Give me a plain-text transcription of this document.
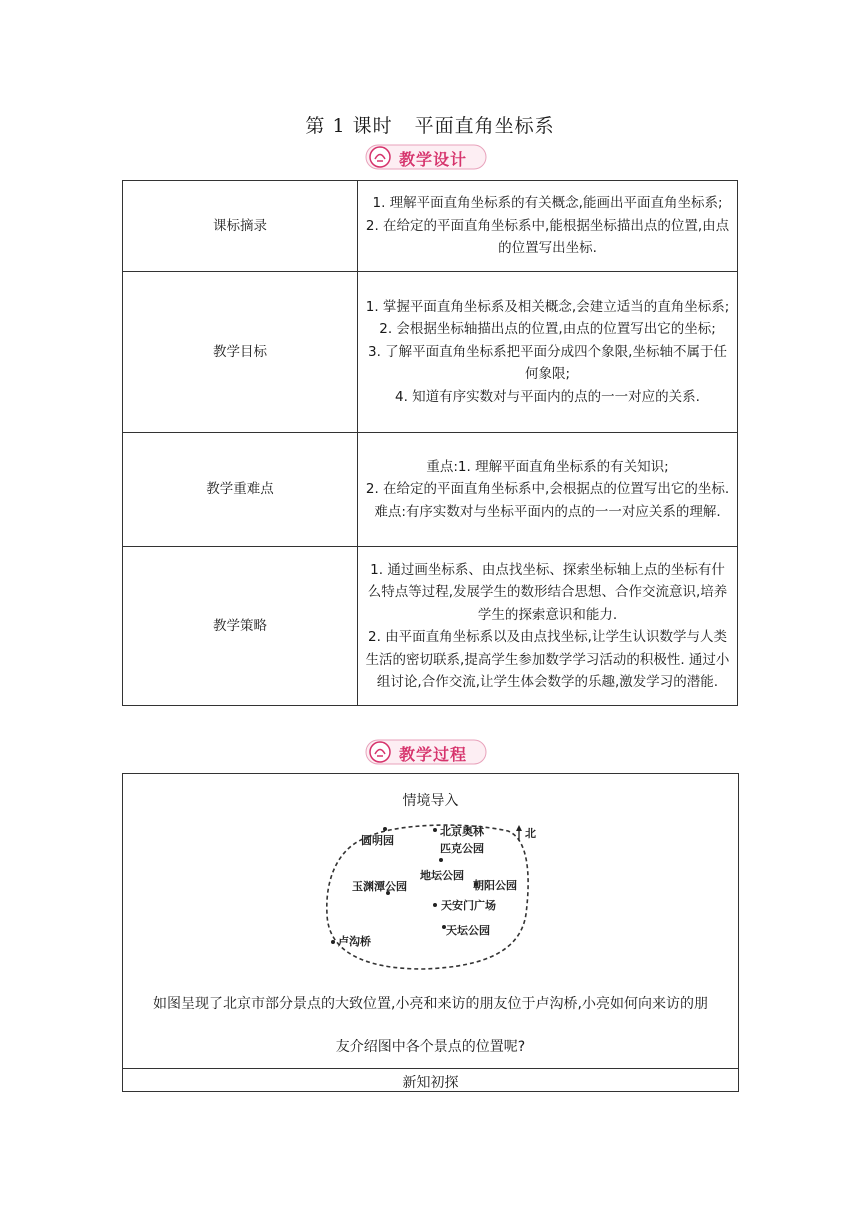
第 1 课时 平面直角坐标系
教学设计
课标摘录	1. 理解平面直角坐标系的有关概念,能画出平面直角坐标系;

2. 在给定的平面直角坐标系中,能根据坐标描出点的位置,由点的位置写出坐标.

教学目标	1. 掌握平面直角坐标系及相关概念,会建立适当的直角坐标系;

2. 会根据坐标轴描出点的位置,由点的位置写出它的坐标;

3. 了解平面直角坐标系把平面分成四个象限,坐标轴不属于任何象限;

4. 知道有序实数对与平面内的点的一一对应的关系.

教学重难点	重点:1. 理解平面直角坐标系的有关知识;

2. 在给定的平面直角坐标系中,会根据点的位置写出它的坐标.

难点:有序实数对与坐标平面内的点的一一对应关系的理解.

教学策略	1. 通过画坐标系、由点找坐标、探索坐标轴上点的坐标有什么特点等过程,发展学生的数形结合思想、合作交流意识,培养学生的探索意识和能力.

2. 由平面直角坐标系以及由点找坐标,让学生认识数学与人类生活的密切联系,提高学生参加数学学习活动的积极性. 通过小组讨论,合作交流,让学生体会数学的乐趣,激发学习的潜能.

教学过程
情境导入
北
圆明园
北京奥林
匹克公园
地坛公园
玉渊潭公园	朝阳公园
天安门广场
天坛公园
卢沟桥
如图呈现了北京市部分景点的大致位置,小亮和来访的朋友位于卢沟桥,小亮如何向来访的朋
友介绍图中各个景点的位置呢?
新知初探
